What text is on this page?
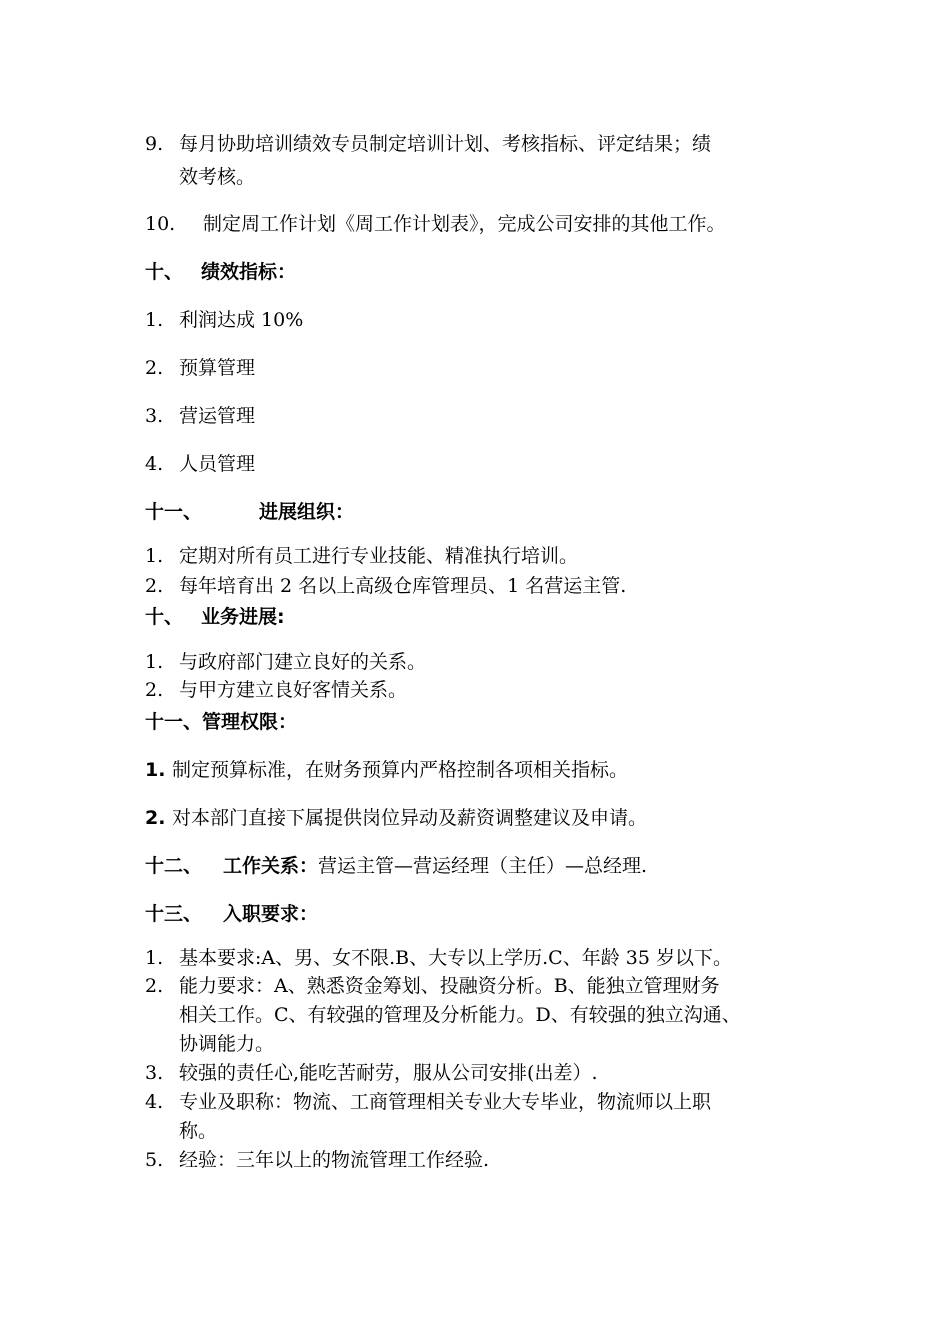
9. 每月协助培训绩效专员制定培训计划、考核指标、评定结果；绩
效考核。
10. 制定周工作计划《周工作计划表》，完成公司安排的其他工作。
十、 绩效指标：
1. 利润达成 10%
2. 预算管理
3. 营运管理
4. 人员管理
十一、	进展组织：
1. 定期对所有员工进行专业技能、精准执行培训。
2. 每年培育出 2 名以上高级仓库管理员、1 名营运主管.
十、 业务进展:
1. 与政府部门建立良好的关系。
2. 与甲方建立良好客情关系。
十一、管理权限：
1. 制定预算标准，在财务预算内严格控制各项相关指标。
2. 对本部门直接下属提供岗位异动及薪资调整建议及申请。
十二、 工作关系：营运主管—营运经理（主任）—总经理.
十三、 入职要求：
1. 基本要求:A、男、女不限.B、大专以上学历.C、年龄 35 岁以下。
2. 能力要求：A、熟悉资金筹划、投融资分析。B、能独立管理财务
相关工作。C、有较强的管理及分析能力。D、有较强的独立沟通、
协调能力。
3. 较强的责任心,能吃苦耐劳，服从公司安排(出差）.
4. 专业及职称：物流、工商管理相关专业大专毕业，物流师以上职
称。
5. 经验：三年以上的物流管理工作经验.
